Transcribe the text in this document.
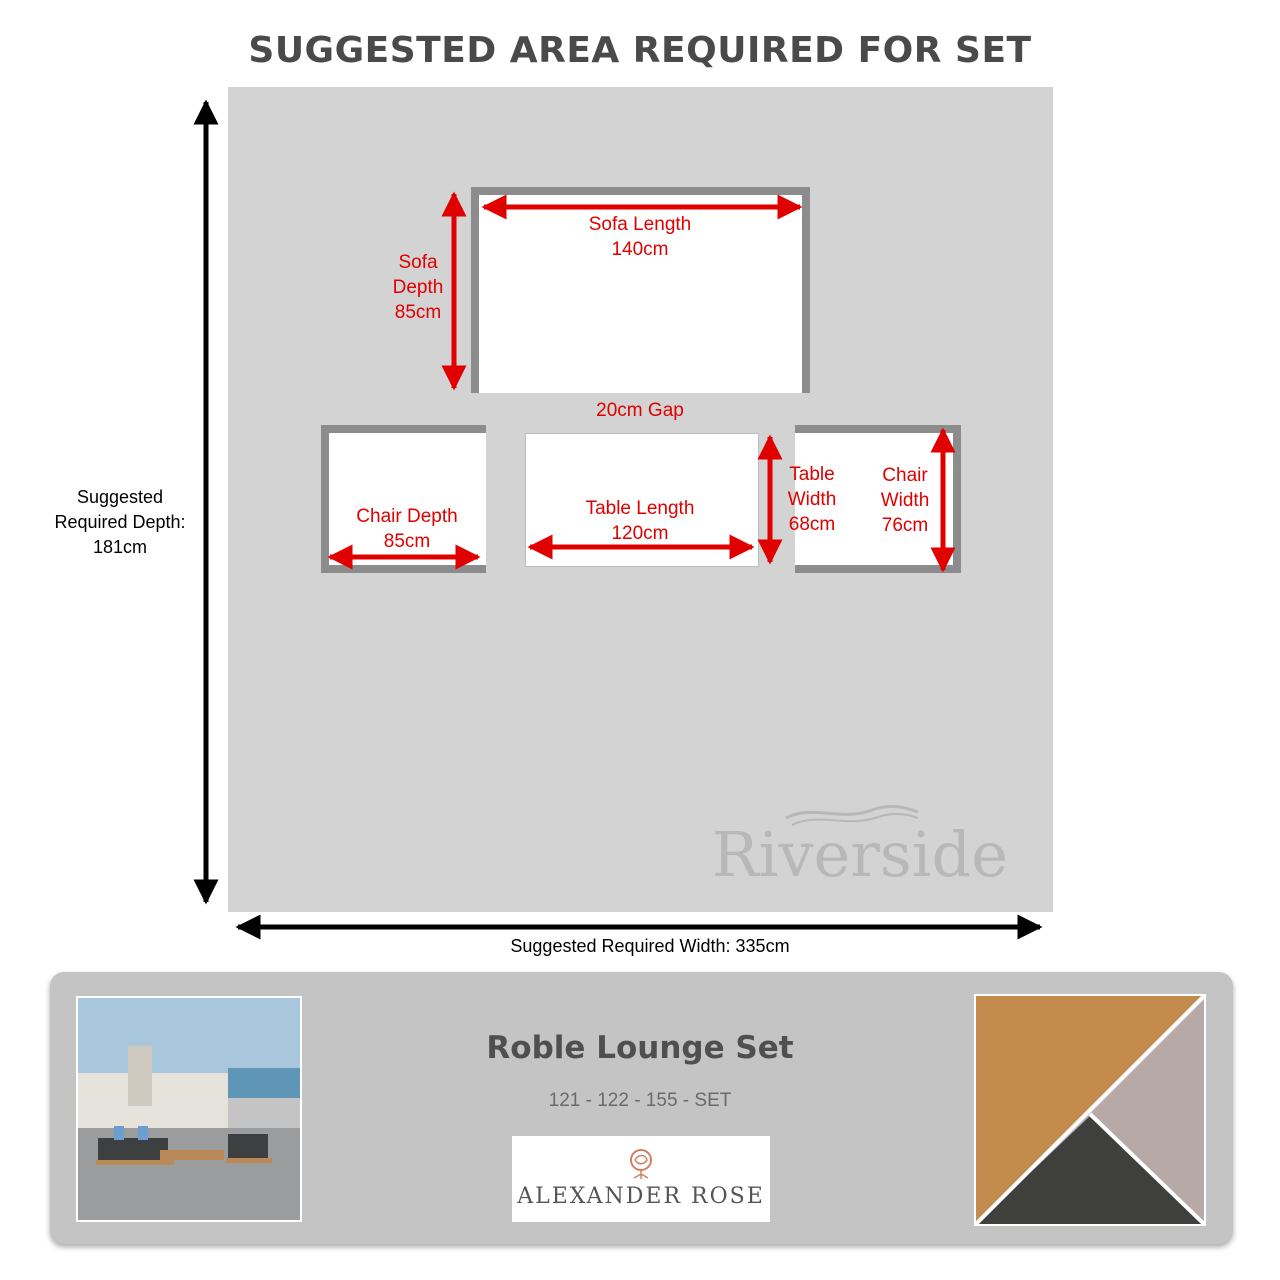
SUGGESTED AREA REQUIRED FOR SET
Sofa Length
140cm
Sofa
Depth
85cm
20cm Gap
Chair Depth
85cm
Table Length
120cm
Table
Width
68cm
Chair
Width
76cm
Suggested
Required Depth:
181cm
Suggested Required Width: 335cm
Riverside
Roble Lounge Set
121 - 122 - 155 - SET
ALEXANDER ROSE
